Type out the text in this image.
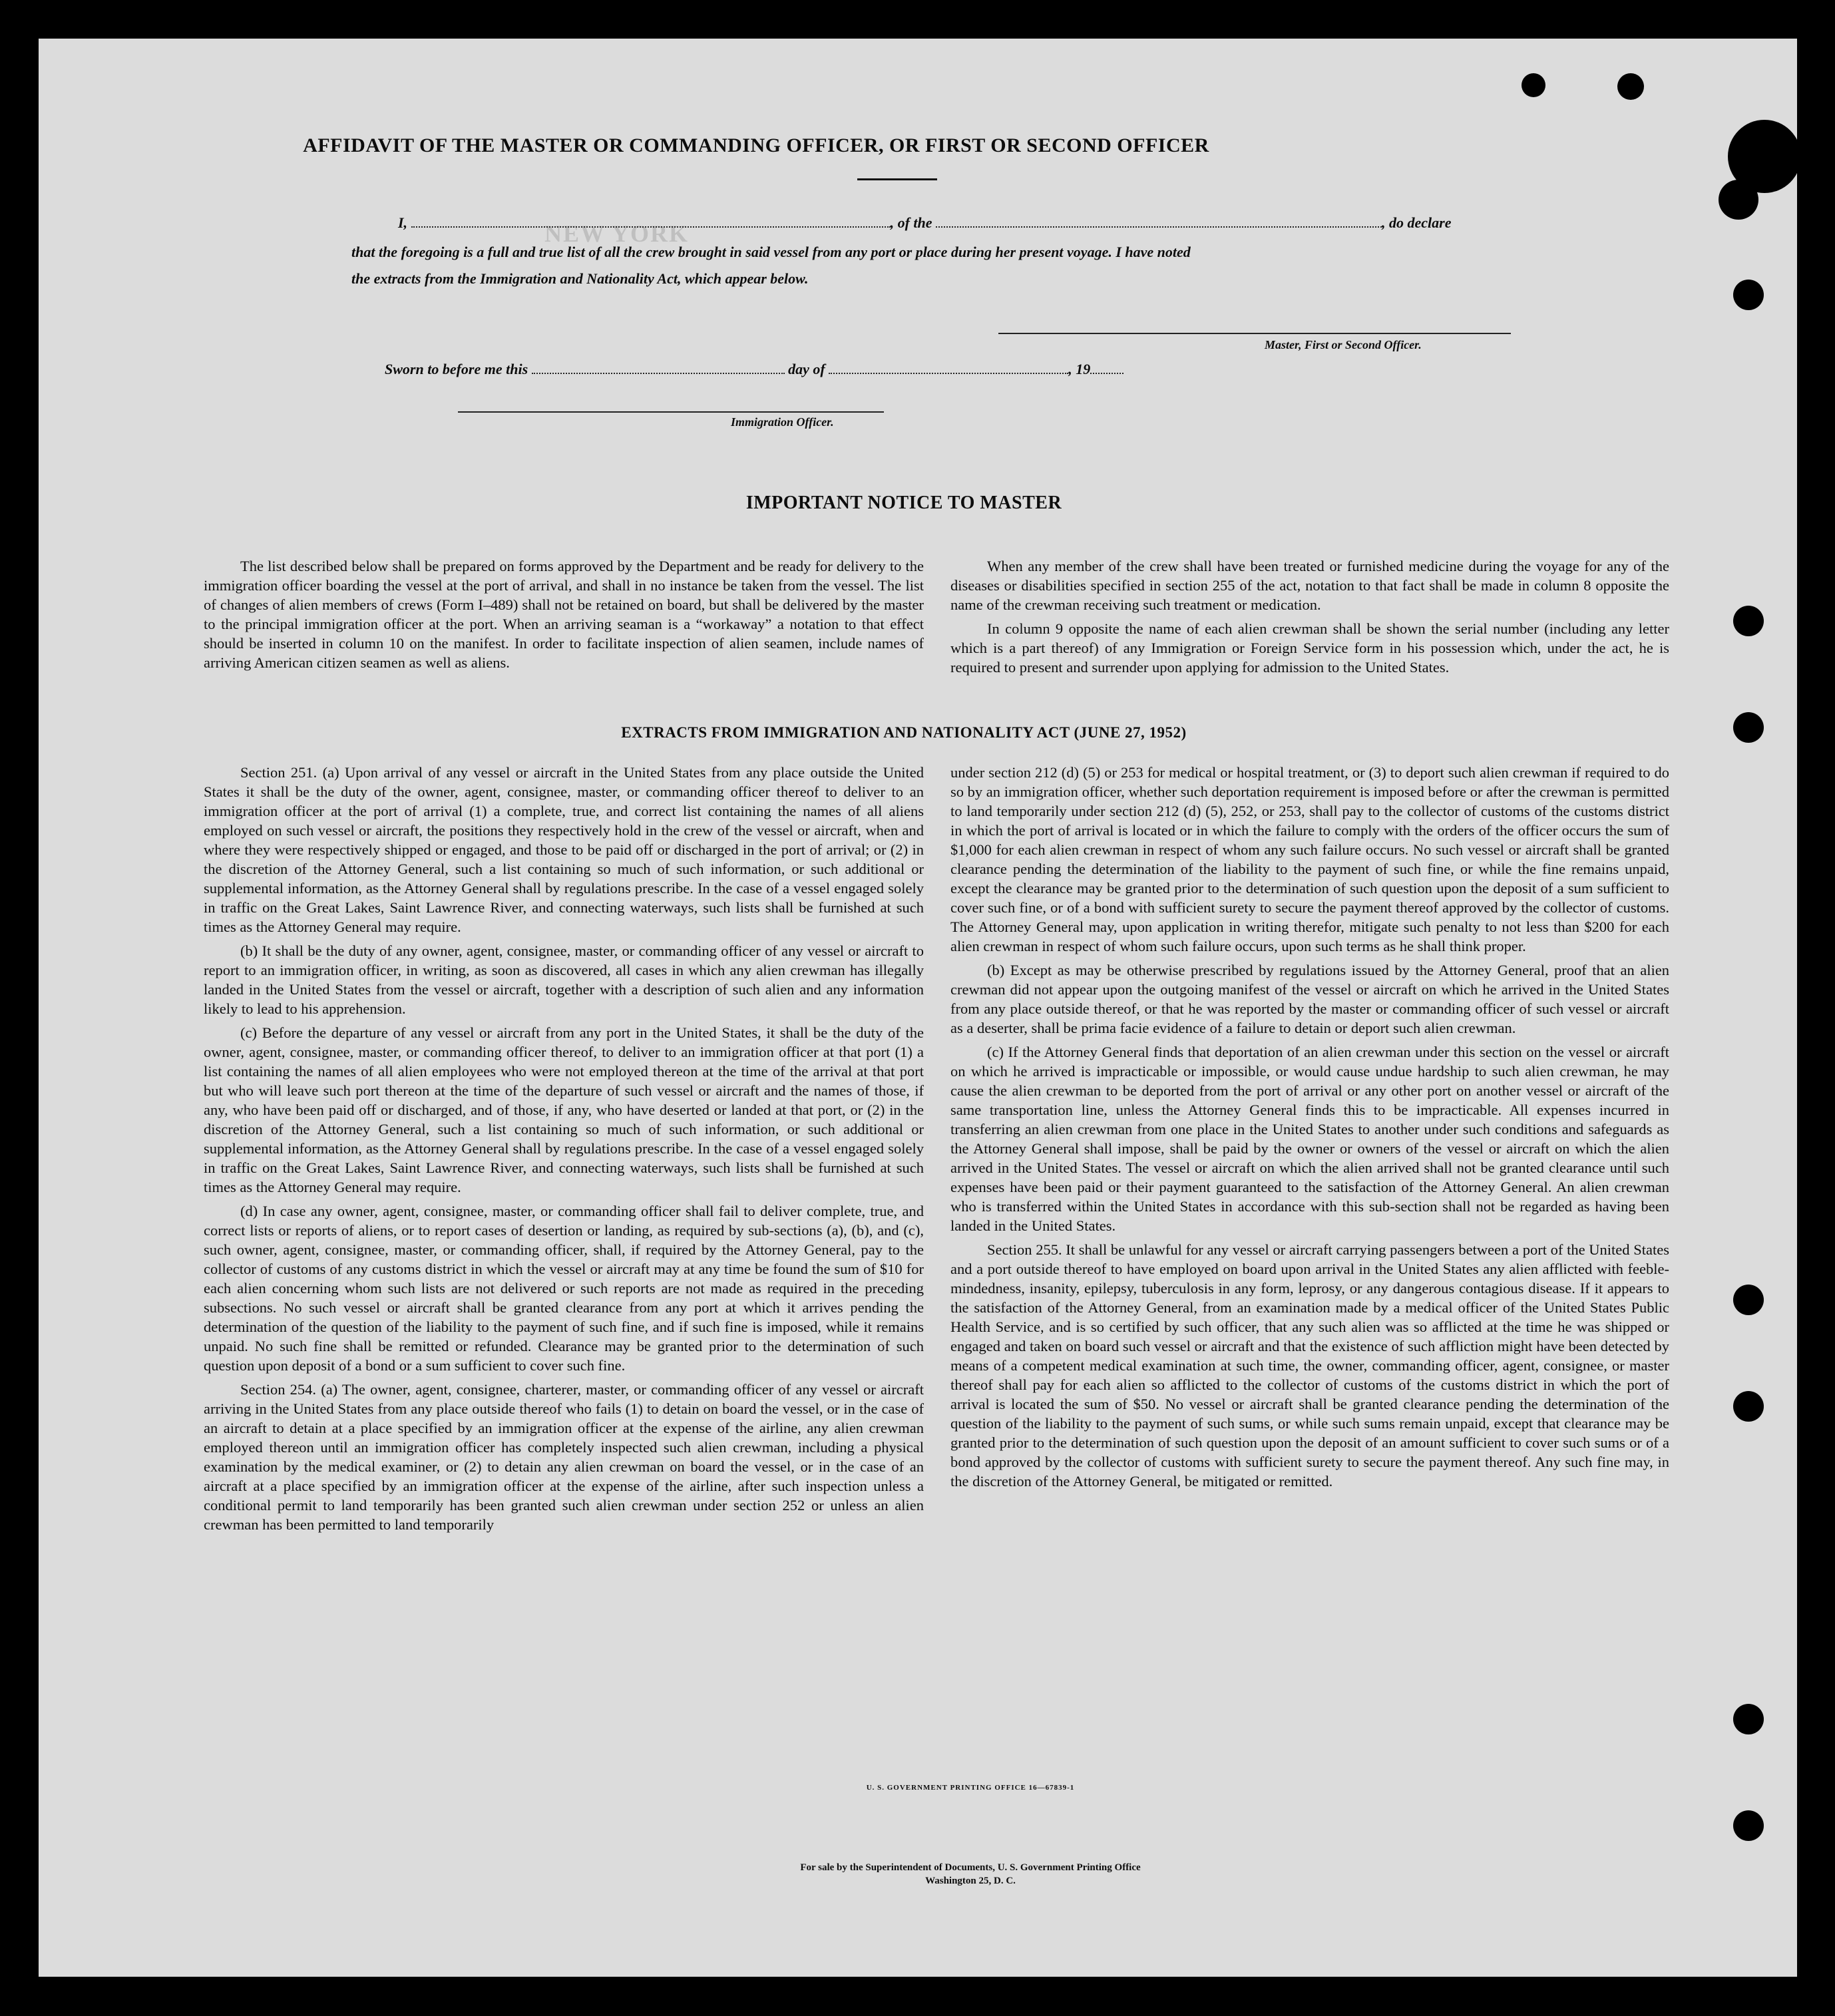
NEW YORK
AFFIDAVIT OF THE MASTER OR COMMANDING OFFICER, OR FIRST OR SECOND OFFICER
I,	, of the	, do declare
that the foregoing is a full and true list of all the crew brought in said vessel from any port or place during her present voyage. I have noted
the extracts from the Immigration and Nationality Act, which appear below.
Master, First or Second Officer.
Sworn to before me this	day of	, 19
Immigration Officer.
IMPORTANT NOTICE TO MASTER

The list described below shall be prepared on forms approved by the Department and be ready for delivery to the immigration officer boarding the vessel at the port of arrival, and shall in no instance be taken from the vessel. The list of changes of alien members of crews (Form I–489) shall not be retained on board, but shall be delivered by the master to the principal immigration officer at the port. When an arriving seaman is a “workaway” a notation to that effect should be inserted in column 10 on the manifest. In order to facilitate inspection of alien seamen, include names of arriving American citizen seamen as well as aliens.

When any member of the crew shall have been treated or furnished medicine during the voyage for any of the diseases or disabilities specified in section 255 of the act, notation to that fact shall be made in column 8 opposite the name of the crewman receiving such treatment or medication.

In column 9 opposite the name of each alien crewman shall be shown the serial number (including any letter which is a part thereof) of any Immigration or Foreign Service form in his possession which, under the act, he is required to present and surrender upon applying for admission to the United States.

EXTRACTS FROM IMMIGRATION AND NATIONALITY ACT (JUNE 27, 1952)

Section 251. (a) Upon arrival of any vessel or aircraft in the United States from any place outside the United States it shall be the duty of the owner, agent, consignee, master, or commanding officer thereof to deliver to an immigration officer at the port of arrival (1) a complete, true, and correct list containing the names of all aliens employed on such vessel or aircraft, the positions they respectively hold in the crew of the vessel or aircraft, when and where they were respectively shipped or engaged, and those to be paid off or discharged in the port of arrival; or (2) in the discretion of the Attorney General, such a list containing so much of such information, or such additional or supplemental information, as the Attorney General shall by regulations prescribe. In the case of a vessel engaged solely in traffic on the Great Lakes, Saint Lawrence River, and connecting waterways, such lists shall be furnished at such times as the Attorney General may require.

(b) It shall be the duty of any owner, agent, consignee, master, or commanding officer of any vessel or aircraft to report to an immigration officer, in writing, as soon as discovered, all cases in which any alien crewman has illegally landed in the United States from the vessel or aircraft, together with a description of such alien and any information likely to lead to his apprehension.

(c) Before the departure of any vessel or aircraft from any port in the United States, it shall be the duty of the owner, agent, consignee, master, or commanding officer thereof, to deliver to an immigration officer at that port (1) a list containing the names of all alien employees who were not employed thereon at the time of the arrival at that port but who will leave such port thereon at the time of the departure of such vessel or aircraft and the names of those, if any, who have been paid off or discharged, and of those, if any, who have deserted or landed at that port, or (2) in the discretion of the Attorney General, such a list containing so much of such information, or such additional or supplemental information, as the Attorney General shall by regulations prescribe. In the case of a vessel engaged solely in traffic on the Great Lakes, Saint Lawrence River, and connecting waterways, such lists shall be furnished at such times as the Attorney General may require.

(d) In case any owner, agent, consignee, master, or commanding officer shall fail to deliver complete, true, and correct lists or reports of aliens, or to report cases of desertion or landing, as required by sub-sections (a), (b), and (c), such owner, agent, consignee, master, or commanding officer, shall, if required by the Attorney General, pay to the collector of customs of any customs district in which the vessel or aircraft may at any time be found the sum of $10 for each alien concerning whom such lists are not delivered or such reports are not made as required in the preceding subsections. No such vessel or aircraft shall be granted clearance from any port at which it arrives pending the determination of the question of the liability to the payment of such fine, and if such fine is imposed, while it remains unpaid. No such fine shall be remitted or refunded. Clearance may be granted prior to the determination of such question upon deposit of a bond or a sum sufficient to cover such fine.

Section 254. (a) The owner, agent, consignee, charterer, master, or commanding officer of any vessel or aircraft arriving in the United States from any place outside thereof who fails (1) to detain on board the vessel, or in the case of an aircraft to detain at a place specified by an immigration officer at the expense of the airline, any alien crewman employed thereon until an immigration officer has completely inspected such alien crewman, including a physical examination by the medical examiner, or (2) to detain any alien crewman on board the vessel, or in the case of an aircraft at a place specified by an immigration officer at the expense of the airline, after such inspection unless a conditional permit to land temporarily has been granted such alien crewman under section 252 or unless an alien crewman has been permitted to land temporarily

under section 212 (d) (5) or 253 for medical or hospital treatment, or (3) to deport such alien crewman if required to do so by an immigration officer, whether such deportation requirement is imposed before or after the crewman is permitted to land temporarily under section 212 (d) (5), 252, or 253, shall pay to the collector of customs of the customs district in which the port of arrival is located or in which the failure to comply with the orders of the officer occurs the sum of $1,000 for each alien crewman in respect of whom any such failure occurs. No such vessel or aircraft shall be granted clearance pending the determination of the liability to the payment of such fine, or while the fine remains unpaid, except the clearance may be granted prior to the determination of such question upon the deposit of a sum sufficient to cover such fine, or of a bond with sufficient surety to secure the payment thereof approved by the collector of customs. The Attorney General may, upon application in writing therefor, mitigate such penalty to not less than $200 for each alien crewman in respect of whom such failure occurs, upon such terms as he shall think proper.

(b) Except as may be otherwise prescribed by regulations issued by the Attorney General, proof that an alien crewman did not appear upon the outgoing manifest of the vessel or aircraft on which he arrived in the United States from any place outside thereof, or that he was reported by the master or commanding officer of such vessel or aircraft as a deserter, shall be prima facie evidence of a failure to detain or deport such alien crewman.

(c) If the Attorney General finds that deportation of an alien crewman under this section on the vessel or aircraft on which he arrived is impracticable or impossible, or would cause undue hardship to such alien crewman, he may cause the alien crewman to be deported from the port of arrival or any other port on another vessel or aircraft of the same transportation line, unless the Attorney General finds this to be impracticable. All expenses incurred in transferring an alien crewman from one place in the United States to another under such conditions and safeguards as the Attorney General shall impose, shall be paid by the owner or owners of the vessel or aircraft on which the alien arrived in the United States. The vessel or aircraft on which the alien arrived shall not be granted clearance until such expenses have been paid or their payment guaranteed to the satisfaction of the Attorney General. An alien crewman who is transferred within the United States in accordance with this sub-section shall not be regarded as having been landed in the United States.

Section 255. It shall be unlawful for any vessel or aircraft carrying passengers between a port of the United States and a port outside thereof to have employed on board upon arrival in the United States any alien afflicted with feeble-mindedness, insanity, epilepsy, tuberculosis in any form, leprosy, or any dangerous contagious disease. If it appears to the satisfaction of the Attorney General, from an examination made by a medical officer of the United States Public Health Service, and is so certified by such officer, that any such alien was so afflicted at the time he was shipped or engaged and taken on board such vessel or aircraft and that the existence of such affliction might have been detected by means of a competent medical examination at such time, the owner, commanding officer, agent, consignee, or master thereof shall pay for each alien so afflicted to the collector of customs of the customs district in which the port of arrival is located the sum of $50. No vessel or aircraft shall be granted clearance pending the determination of the question of the liability to the payment of such sums, or while such sums remain unpaid, except that clearance may be granted prior to the determination of such question upon the deposit of an amount sufficient to cover such sums or of a bond approved by the collector of customs with sufficient surety to secure the payment thereof. Any such fine may, in the discretion of the Attorney General, be mitigated or remitted.

U. S. GOVERNMENT PRINTING OFFICE 16—67839-1
For sale by the Superintendent of Documents, U. S. Government Printing Office
Washington 25, D. C.
